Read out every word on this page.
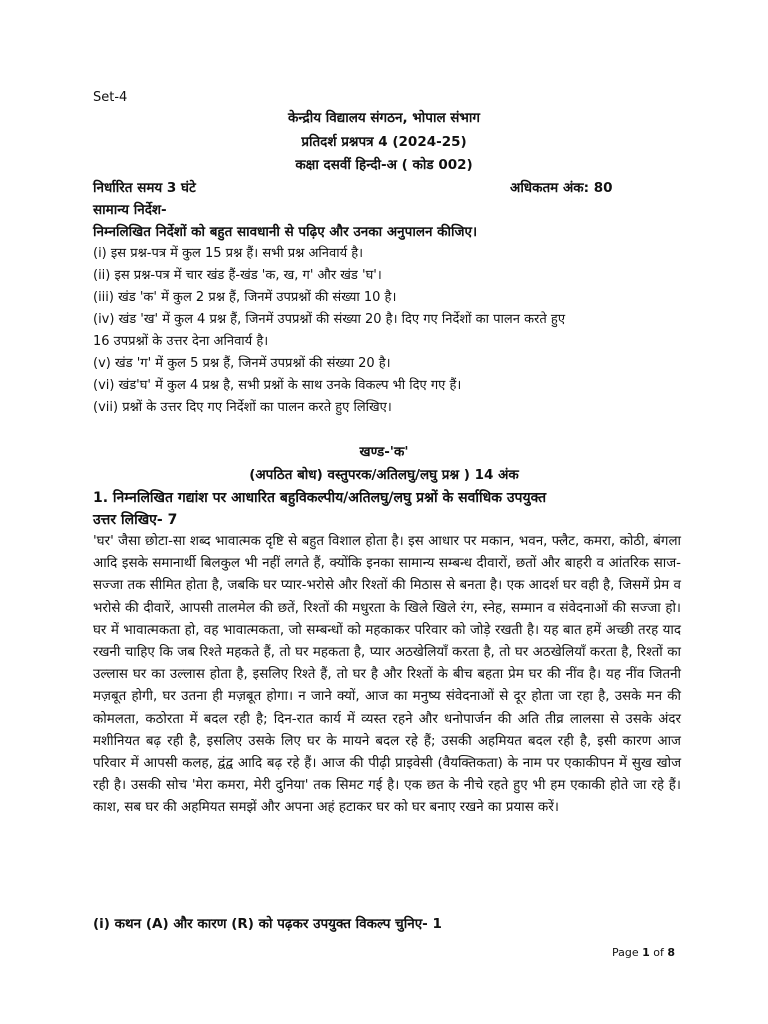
Set-4
केन्द्रीय विद्यालय संगठन, भोपाल संभाग
प्रतिदर्श प्रश्नपत्र 4 (2024-25)
कक्षा दसवीं हिन्दी-अ ( कोड 002)
निर्धारित समय 3 घंटे	अधिकतम अंक: 80
सामान्य निर्देश-
निम्नलिखित निर्देशों को बहुत सावधानी से पढ़िए और उनका अनुपालन कीजिए।
(i) इस प्रश्न-पत्र में कुल 15 प्रश्न हैं। सभी प्रश्न अनिवार्य है।
(ii) इस प्रश्न-पत्र में चार खंड हैं-खंड 'क, ख, ग' और खंड 'घ'।
(iii) खंड 'क' में कुल 2 प्रश्न हैं, जिनमें उपप्रश्नों की संख्या 10 है।
(iv) खंड 'ख' में कुल 4 प्रश्न हैं, जिनमें उपप्रश्नों की संख्या 20 है। दिए गए निर्देशों का पालन करते हुए
16 उपप्रश्नों के उत्तर देना अनिवार्य है।
(v) खंड 'ग' में कुल 5 प्रश्न हैं, जिनमें उपप्रश्नों की संख्या 20 है।
(vi) खंड'घ' में कुल 4 प्रश्न है, सभी प्रश्नों के साथ उनके विकल्प भी दिए गए हैं।
(vii) प्रश्नों के उत्तर दिए गए निर्देशों का पालन करते हुए लिखिए।
खण्ड-'क'
(अपठित बोध) वस्तुपरक/अतिलघु/लघु प्रश्न ) 14 अंक
1. निम्नलिखित गद्यांश पर आधारित बहुविकल्पीय/अतिलघु/लघु प्रश्नों के सर्वाधिक उपयुक्त
उत्तर लिखिए- 7
'घर' जैसा छोटा-सा शब्द भावात्मक दृष्टि से बहुत विशाल होता है। इस आधार पर मकान, भवन, फ्लैट, कमरा, कोठी, बंगला आदि इसके समानार्थी बिलकुल भी नहीं लगते हैं, क्योंकि इनका सामान्य सम्बन्ध दीवारों, छतों और बाहरी व आंतरिक साज-सज्जा तक सीमित होता है, जबकि घर प्यार-भरोसे और रिश्तों की मिठास से बनता है। एक आदर्श घर वही है, जिसमें प्रेम व भरोसे की दीवारें, आपसी तालमेल की छतें, रिश्तों की मधुरता के खिले खिले रंग, स्नेह, सम्मान व संवेदनाओं की सज्जा हो। घर में भावात्मकता हो, वह भावात्मकता, जो सम्बन्धों को महकाकर परिवार को जोड़े रखती है। यह बात हमें अच्छी तरह याद रखनी चाहिए कि जब रिश्ते महकते हैं, तो घर महकता है, प्यार अठखेलियाँ करता है, तो घर अठखेलियाँ करता है, रिश्तों का उल्लास घर का उल्लास होता है, इसलिए रिश्ते हैं, तो घर है और रिश्तों के बीच बहता प्रेम घर की नींव है। यह नींव जितनी मज़बूत होगी, घर उतना ही मज़बूत होगा। न जाने क्यों, आज का मनुष्य संवेदनाओं से दूर होता जा रहा है, उसके मन की कोमलता, कठोरता में बदल रही है; दिन-रात कार्य में व्यस्त रहने और धनोपार्जन की अति तीव्र लालसा से उसके अंदर मशीनियत बढ़ रही है, इसलिए उसके लिए घर के मायने बदल रहे हैं; उसकी अहमियत बदल रही है, इसी कारण आज परिवार में आपसी कलह, द्वंद्व आदि बढ़ रहे हैं। आज की पीढ़ी प्राइवेसी (वैयक्तिकता) के नाम पर एकाकीपन में सुख खोज रही है। उसकी सोच 'मेरा कमरा, मेरी दुनिया' तक सिमट गई है। एक छत के नीचे रहते हुए भी हम एकाकी होते जा रहे हैं। काश, सब घर की अहमियत समझें और अपना अहं हटाकर घर को घर बनाए रखने का प्रयास करें।
(i) कथन (A) और कारण (R) को पढ़कर उपयुक्त विकल्प चुनिए- 1
Page 1 of 8
